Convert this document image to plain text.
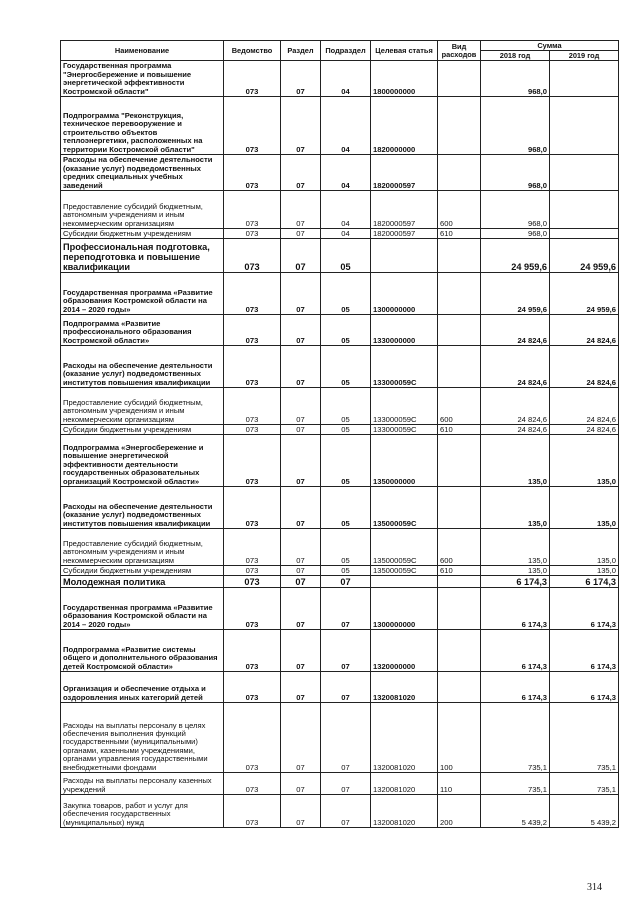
Наименование	Ведомство	Раздел	Подраздел	Целевая статья	Вид расходов	Сумма	
						2018 год	2019 год
Государственная программа "Энергосбережение и повышение энергетической эффективности Костромской области"	073	07	04	1800000000		968,0	
Подпрограмма "Реконструкция, техническое перевооружение и строительство объектов теплоэнергетики, расположенных на территории Костромской области"	073	07	04	1820000000		968,0	
Расходы на обеспечение деятельности (оказание услуг) подведомственных средних специальных учебных заведений	073	07	04	1820000597		968,0	
Предоставление субсидий бюджетным, автономным учреждениям и иным некоммерческим организациям	073	07	04	1820000597	600	968,0	
Субсидии бюджетным учреждениям	073	07	04	1820000597	610	968,0	
Профессиональная подготовка, переподготовка и повышение квалификации	073	07	05			24 959,6	24 959,6
Государственная программа «Развитие образования Костромской области на 2014 – 2020 годы»	073	07	05	1300000000		24 959,6	24 959,6
Подпрограмма «Развитие профессионального образования Костромской области»	073	07	05	1330000000		24 824,6	24 824,6
Расходы на обеспечение деятельности (оказание услуг) подведомственных институтов повышения квалификации	073	07	05	133000059С		24 824,6	24 824,6
Предоставление субсидий бюджетным, автономным учреждениям и иным некоммерческим организациям	073	07	05	133000059С	600	24 824,6	24 824,6
Субсидии бюджетным учреждениям	073	07	05	133000059С	610	24 824,6	24 824,6
Подпрограмма «Энергосбережение и повышение энергетической эффективности деятельности государственных образовательных организаций Костромской области»	073	07	05	1350000000		135,0	135,0
Расходы на обеспечение деятельности (оказание услуг) подведомственных институтов повышения квалификации	073	07	05	135000059С		135,0	135,0
Предоставление субсидий бюджетным, автономным учреждениям и иным некоммерческим организациям	073	07	05	135000059С	600	135,0	135,0
Субсидии бюджетным учреждениям	073	07	05	135000059С	610	135,0	135,0
Молодежная политика	073	07	07			6 174,3	6 174,3
Государственная программа «Развитие образования Костромской области на 2014 – 2020 годы»	073	07	07	1300000000		6 174,3	6 174,3
Подпрограмма «Развитие системы общего и дополнительного образования детей Костромской области»	073	07	07	1320000000		6 174,3	6 174,3
Организация и обеспечение отдыха и оздоровления иных категорий детей	073	07	07	1320081020		6 174,3	6 174,3
Расходы на выплаты персоналу в целях обеспечения выполнения функций государственными (муниципальными) органами, казенными учреждениями, органами управления государственными внебюджетными фондами	073	07	07	1320081020	100	735,1	735,1
Расходы на выплаты персоналу казенных учреждений	073	07	07	1320081020	110	735,1	735,1
Закупка товаров, работ и услуг для обеспечения государственных (муниципальных) нужд	073	07	07	1320081020	200	5 439,2	5 439,2
314
